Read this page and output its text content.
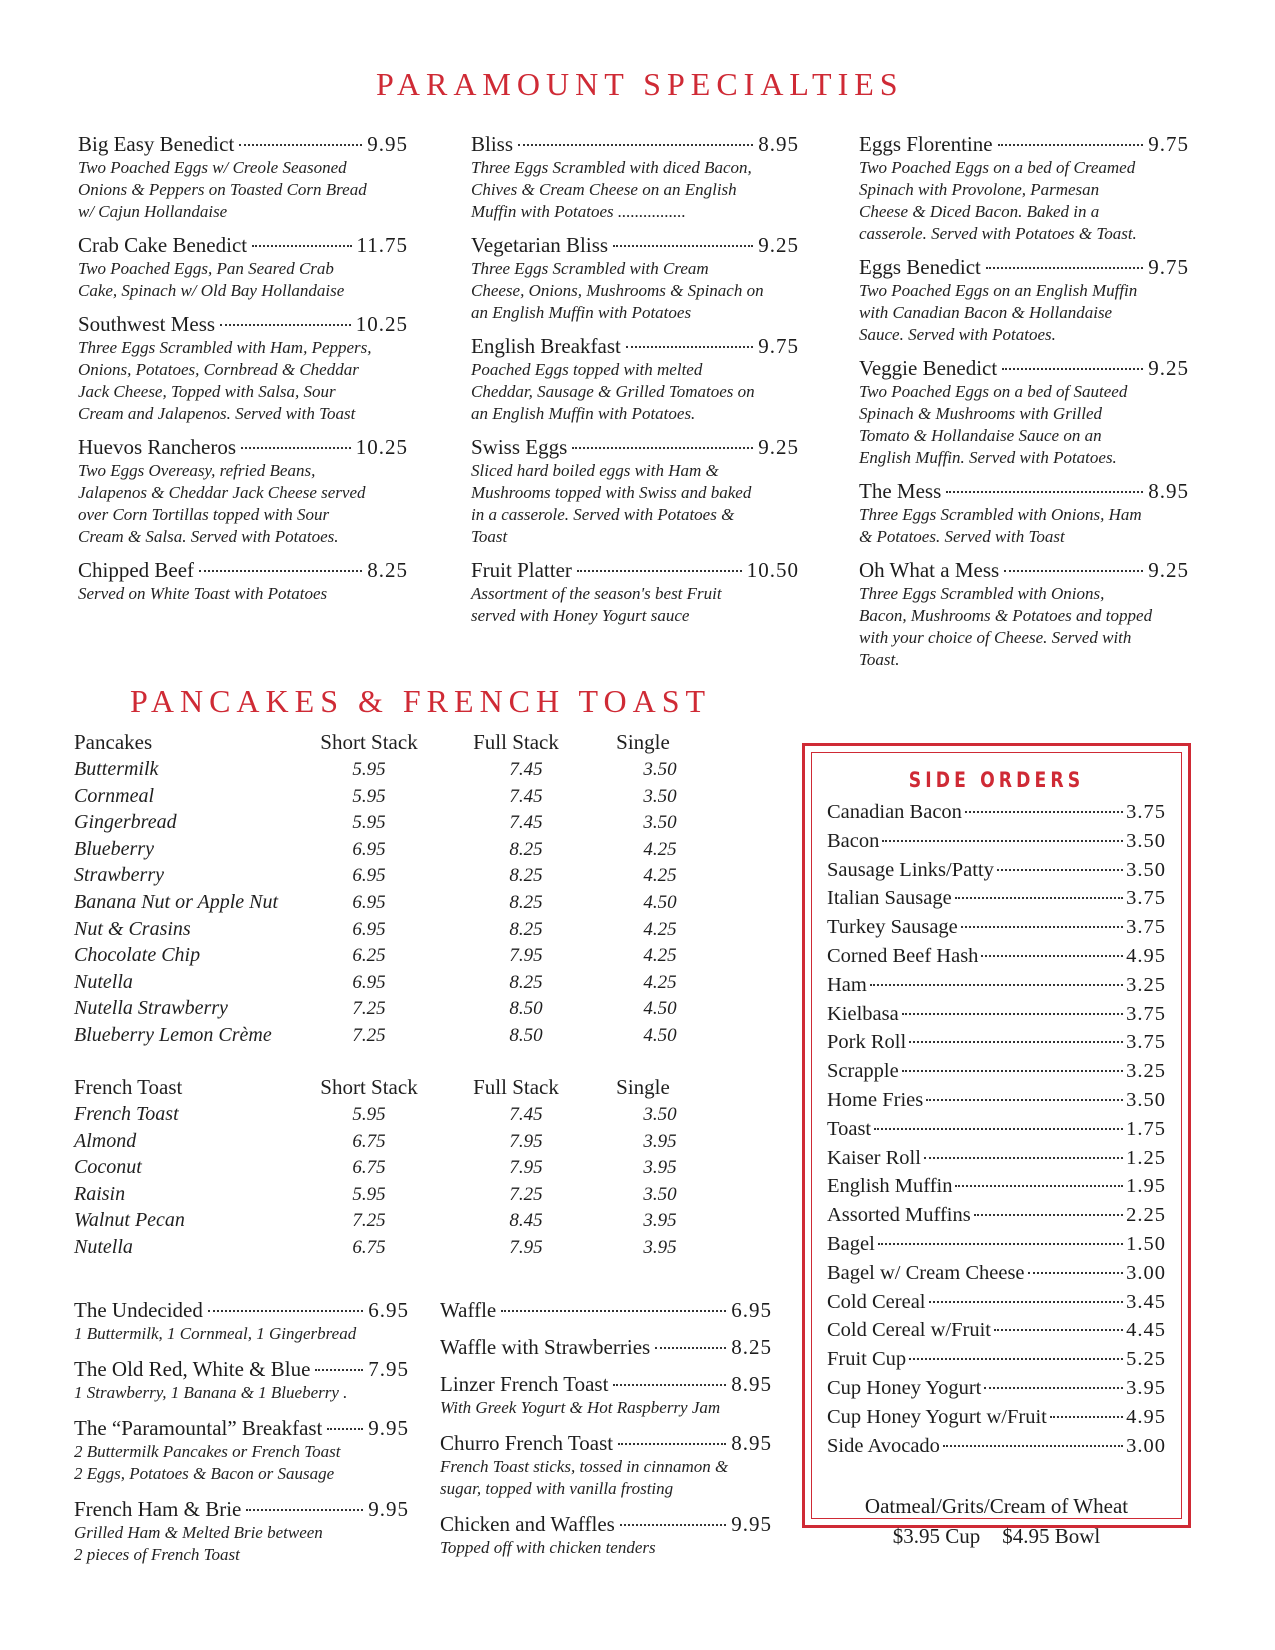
PARAMOUNT SPECIALTIES
PANCAKES & FRENCH TOAST
Big Easy Benedict	9.95
Two Poached Eggs w/ Creole Seasoned
Onions & Peppers on Toasted Corn Bread
w/ Cajun Hollandaise
Crab Cake Benedict	11.75
Two Poached Eggs, Pan Seared Crab
Cake, Spinach w/ Old Bay Hollandaise
Southwest Mess	10.25
Three Eggs Scrambled with Ham, Peppers,
Onions, Potatoes, Cornbread & Cheddar
Jack Cheese, Topped with Salsa, Sour
Cream and Jalapenos. Served with Toast
Huevos Rancheros	10.25
Two Eggs Overeasy, refried Beans,
Jalapenos & Cheddar Jack Cheese served
over Corn Tortillas topped with Sour
Cream & Salsa. Served with Potatoes.
Chipped Beef	8.25
Served on White Toast with Potatoes
Bliss	8.95
Three Eggs Scrambled with diced Bacon,
Chives & Cream Cheese on an English
Muffin with Potatoes ................
Vegetarian Bliss	9.25
Three Eggs Scrambled with Cream
Cheese, Onions, Mushrooms & Spinach on
an English Muffin with Potatoes
English Breakfast	9.75
Poached Eggs topped with melted
Cheddar, Sausage & Grilled Tomatoes on
an English Muffin with Potatoes.
Swiss Eggs	9.25
Sliced hard boiled eggs with Ham &
Mushrooms topped with Swiss and baked
in a casserole. Served with Potatoes &
Toast
Fruit Platter	10.50
Assortment of the season's best Fruit
served with Honey Yogurt sauce
Eggs Florentine	9.75
Two Poached Eggs on a bed of Creamed
Spinach with Provolone, Parmesan
Cheese & Diced Bacon. Baked in a
casserole. Served with Potatoes & Toast.
Eggs Benedict	9.75
Two Poached Eggs on an English Muffin
with Canadian Bacon & Hollandaise
Sauce. Served with Potatoes.
Veggie Benedict	9.25
Two Poached Eggs on a bed of Sauteed
Spinach & Mushrooms with Grilled
Tomato & Hollandaise Sauce on an
English Muffin. Served with Potatoes.
The Mess	8.95
Three Eggs Scrambled with Onions, Ham
& Potatoes. Served with Toast
Oh What a Mess	9.25
Three Eggs Scrambled with Onions,
Bacon, Mushrooms & Potatoes and topped
with your choice of Cheese. Served with
Toast.
Pancakes	Short Stack	Full Stack	Single
Buttermilk	5.95	7.45	3.50
Cornmeal	5.95	7.45	3.50
Gingerbread	5.95	7.45	3.50
Blueberry	6.95	8.25	4.25
Strawberry	6.95	8.25	4.25
Banana Nut or Apple Nut	6.95	8.25	4.50
Nut & Crasins	6.95	8.25	4.25
Chocolate Chip	6.25	7.95	4.25
Nutella	6.95	8.25	4.25
Nutella Strawberry	7.25	8.50	4.50
Blueberry Lemon Crème	7.25	8.50	4.50
French Toast	Short Stack	Full Stack	Single
French Toast	5.95	7.45	3.50
Almond	6.75	7.95	3.95
Coconut	6.75	7.95	3.95
Raisin	5.95	7.25	3.50
Walnut Pecan	7.25	8.45	3.95
Nutella	6.75	7.95	3.95
The Undecided	6.95
1 Buttermilk, 1 Cornmeal, 1 Gingerbread
The Old Red, White & Blue	7.95
1 Strawberry, 1 Banana & 1 Blueberry .
The “Paramountal” Breakfast 9.95
2 Buttermilk Pancakes or French Toast
2 Eggs, Potatoes & Bacon or Sausage
French Ham & Brie	9.95
Grilled Ham & Melted Brie between
2 pieces of French Toast
Waffle	6.95
Waffle with Strawberries	8.25
Linzer French Toast	8.95
With Greek Yogurt & Hot Raspberry Jam
Churro French Toast	8.95
French Toast sticks, tossed in cinnamon &
sugar, topped with vanilla frosting
Chicken and Waffles	9.95
Topped off with chicken tenders
SIDE ORDERS
Canadian Bacon	3.75
Bacon	3.50
Sausage Links/Patty	3.50
Italian Sausage	3.75
Turkey Sausage	3.75
Corned Beef Hash	4.95
Ham	3.25
Kielbasa	3.75
Pork Roll	3.75
Scrapple	3.25
Home Fries	3.50
Toast	1.75
Kaiser Roll	1.25
English Muffin	1.95
Assorted Muffins	2.25
Bagel	1.50
Bagel w/ Cream Cheese	3.00
Cold Cereal	3.45
Cold Cereal w/Fruit	4.45
Fruit Cup	5.25
Cup Honey Yogurt	3.95
Cup Honey Yogurt w/Fruit	4.95
Side Avocado	3.00
Oatmeal/Grits/Cream of Wheat
$3.95 Cup $4.95 Bowl
